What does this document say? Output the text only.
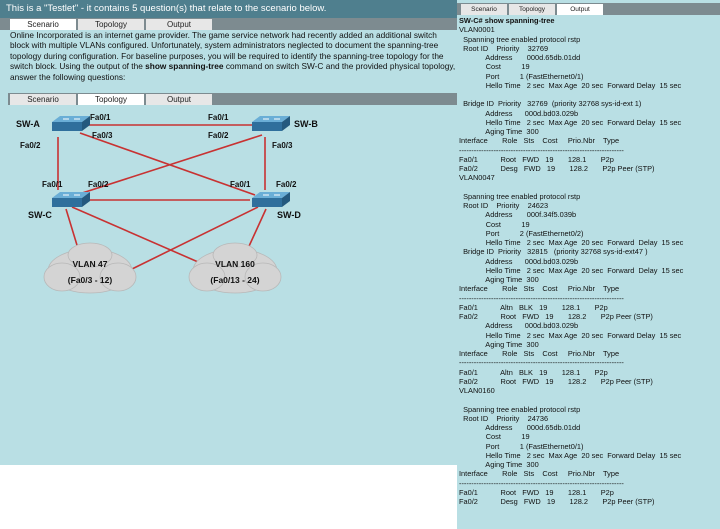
This is a "Testlet" - it contains 5 question(s) that relate to the scenario below.
Scenario	Topology	Output
Online Incorporated is an internet game provider. The game service network had recently added an additional switch block with multiple VLANs configured. Unfortunately, system administrators neglected to document the spanning-tree topology during configuration. For baseline purposes, you will be required to identify the spanning-tree topology for the switch block. Using the output of the show spanning-tree command on switch SW-C and the provided physical topology, answer the following questions:
Scenario	Topology	Output
VLAN 47
(Fa0/3 - 12)
VLAN 160
(Fa0/13 - 24)
SW-A	SW-B
SW-C	SW-D
Fa0/1
Fa0/3
Fa0/2
Fa0/1
Fa0/2
Fa0/3
Fa0/1	Fa0/2	Fa0/1	Fa0/2
Scenario	Topology	Output
SW-C# show spanning-tree
VLAN0001
Spanning tree enabled protocol rstp
Root ID    Priority    32769
Address       000d.65db.01dd
Cost          19
Port          1 (FastEthernet0/1)
Hello Time   2 sec  Max Age  20 sec  Forward Delay  15 sec
Bridge ID  Priority   32769  (priority 32768 sys-id-ext 1)
Address      000d.bd03.029b
Hello Time   2 sec  Max Age  20 sec  Forward Delay  15 sec
Aging Time  300
Interface       Role   Sts    Cost     Prio.Nbr    Type
-------------------------------------------------------------------
Fa0/1           Root   FWD   19       128.1       P2p
Fa0/2           Desg   FWD   19       128.2       P2p Peer (STP)
VLAN0047
Spanning tree enabled protocol rstp
Root ID    Priority    24623
Address       000f.34f5.039b
Cost          19
Port          2 (FastEthernet0/2)
Hello Time   2 sec  Max Age  20 sec  Forward  Delay  15 sec
Bridge ID  Priority   32815   (priority 32768 sys-id-ext47 )
Address      000d.bd03.029b
Hello Time   2 sec  Max Age  20 sec  Forward  Delay  15 sec
Aging Time  300
Interface       Role   Sts    Cost     Prio.Nbr    Type
-------------------------------------------------------------------
Fa0/1           Altn   BLK   19       128.1       P2p
Fa0/2           Root   FWD   19       128.2       P2p Peer (STP)
Address      000d.bd03.029b
Hello Time   2 sec  Max Age  20 sec  Forward Delay  15 sec
Aging Time  300
Interface       Role   Sts    Cost     Prio.Nbr    Type
-------------------------------------------------------------------
Fa0/1           Altn   BLK   19       128.1       P2p
Fa0/2           Root   FWD   19       128.2       P2p Peer (STP)
VLAN0160
Spanning tree enabled protocol rstp
Root ID    Priority    24736
Address       000d.65db.01dd
Cost          19
Port          1 (FastEthernet0/1)
Hello Time   2 sec  Max Age  20 sec  Forward Delay  15 sec
Aging Time  300
Interface       Role   Sts    Cost     Prio.Nbr    Type
-------------------------------------------------------------------
Fa0/1           Root   FWD   19       128.1       P2p
Fa0/2           Desg   FWD   19       128.2       P2p Peer (STP)
